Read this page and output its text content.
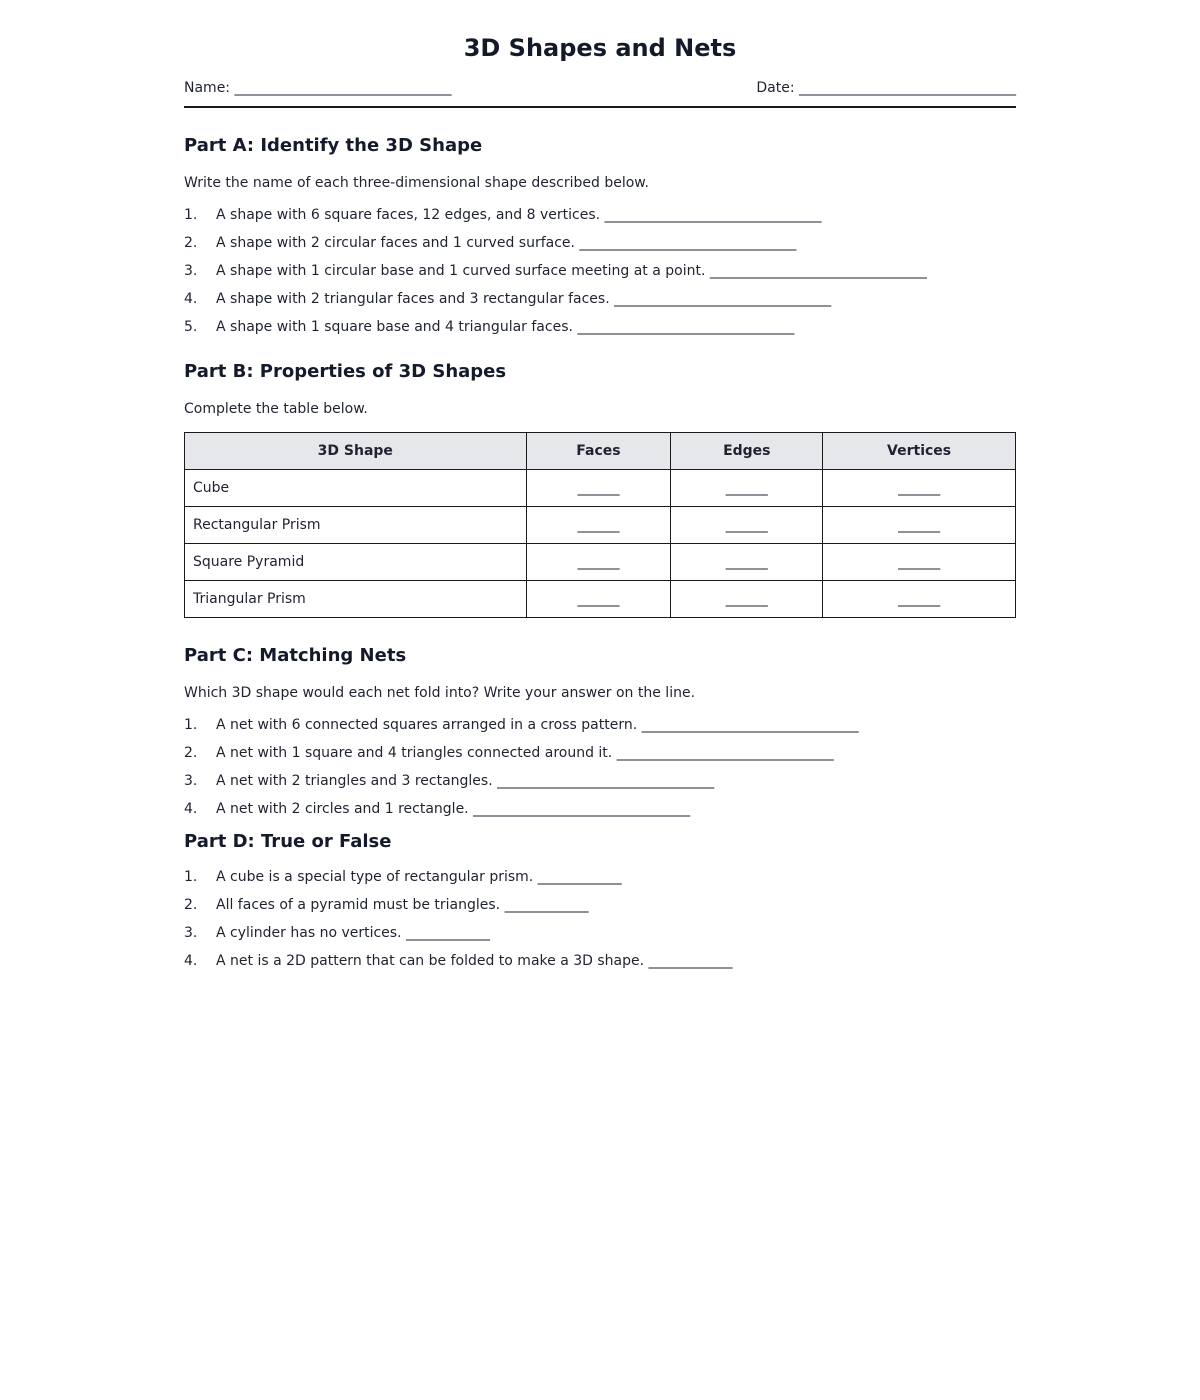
3D Shapes and Nets
Name: _______________________________	Date: _______________________________
Part A: Identify the 3D Shape

Write the name of each three-dimensional shape described below.

1.	A shape with 6 square faces, 12 edges, and 8 vertices. _______________________________
2.	A shape with 2 circular faces and 1 curved surface. _______________________________
3.	A shape with 1 circular base and 1 curved surface meeting at a point. _______________________________
4.	A shape with 2 triangular faces and 3 rectangular faces. _______________________________
5.	A shape with 1 square base and 4 triangular faces. _______________________________
Part B: Properties of 3D Shapes

Complete the table below.

3D Shape	Faces	Edges	Vertices
Cube	______	______	______
Rectangular Prism	______	______	______
Square Pyramid	______	______	______
Triangular Prism	______	______	______
Part C: Matching Nets

Which 3D shape would each net fold into? Write your answer on the line.

1.	A net with 6 connected squares arranged in a cross pattern. _______________________________
2.	A net with 1 square and 4 triangles connected around it. _______________________________
3.	A net with 2 triangles and 3 rectangles. _______________________________
4.	A net with 2 circles and 1 rectangle. _______________________________
Part D: True or False
1.	A cube is a special type of rectangular prism. ____________
2.	All faces of a pyramid must be triangles. ____________
3.	A cylinder has no vertices. ____________
4.	A net is a 2D pattern that can be folded to make a 3D shape. ____________
